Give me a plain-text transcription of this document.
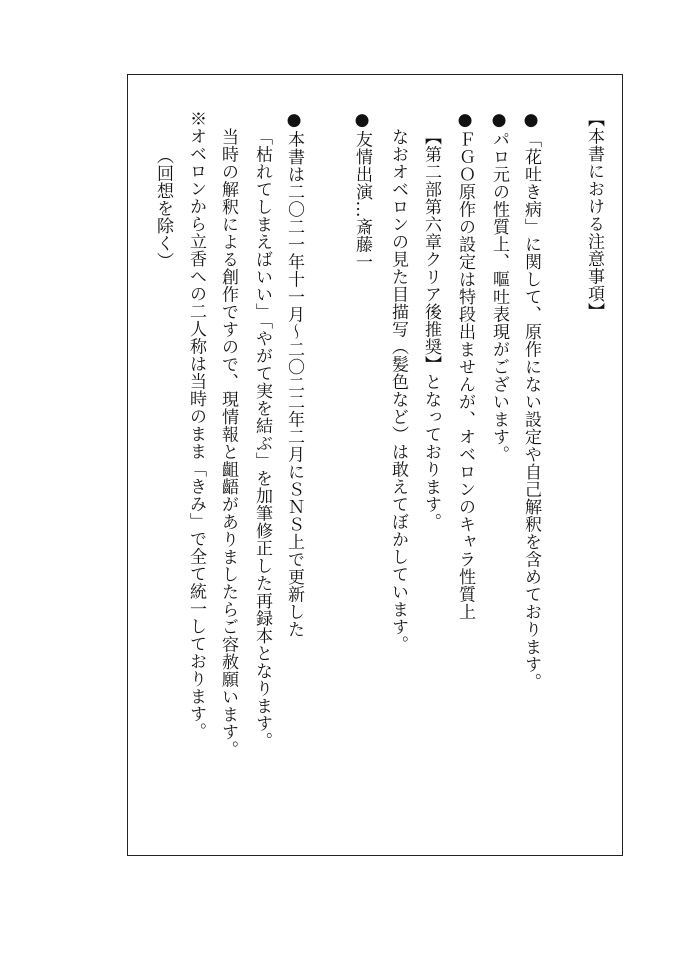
【本書における注意事項】
●「花吐き病」に関して、原作にない設定や自己解釈を含めております。
●パロ元の性質上、嘔吐表現がございます。
●ＦＧＯ原作の設定は特段出ませんが、オベロンのキャラ性質上
【第二部第六章クリア後推奨】となっております。
なおオベロンの見た目描写（髪色など）は敢えてぼかしています。
●友情出演…斎藤一
●本書は二〇二一年十一月〜二〇二二年二月にＳＮＳ上で更新した
「枯れてしまえばいい」「やがて実を結ぶ」を加筆修正した再録本となります。
当時の解釈による創作ですので、現情報と齟齬がありましたらご容赦願います。
※オベロンから立香への二人称は当時のまま「きみ」で全て統一しております。
（回想を除く）
